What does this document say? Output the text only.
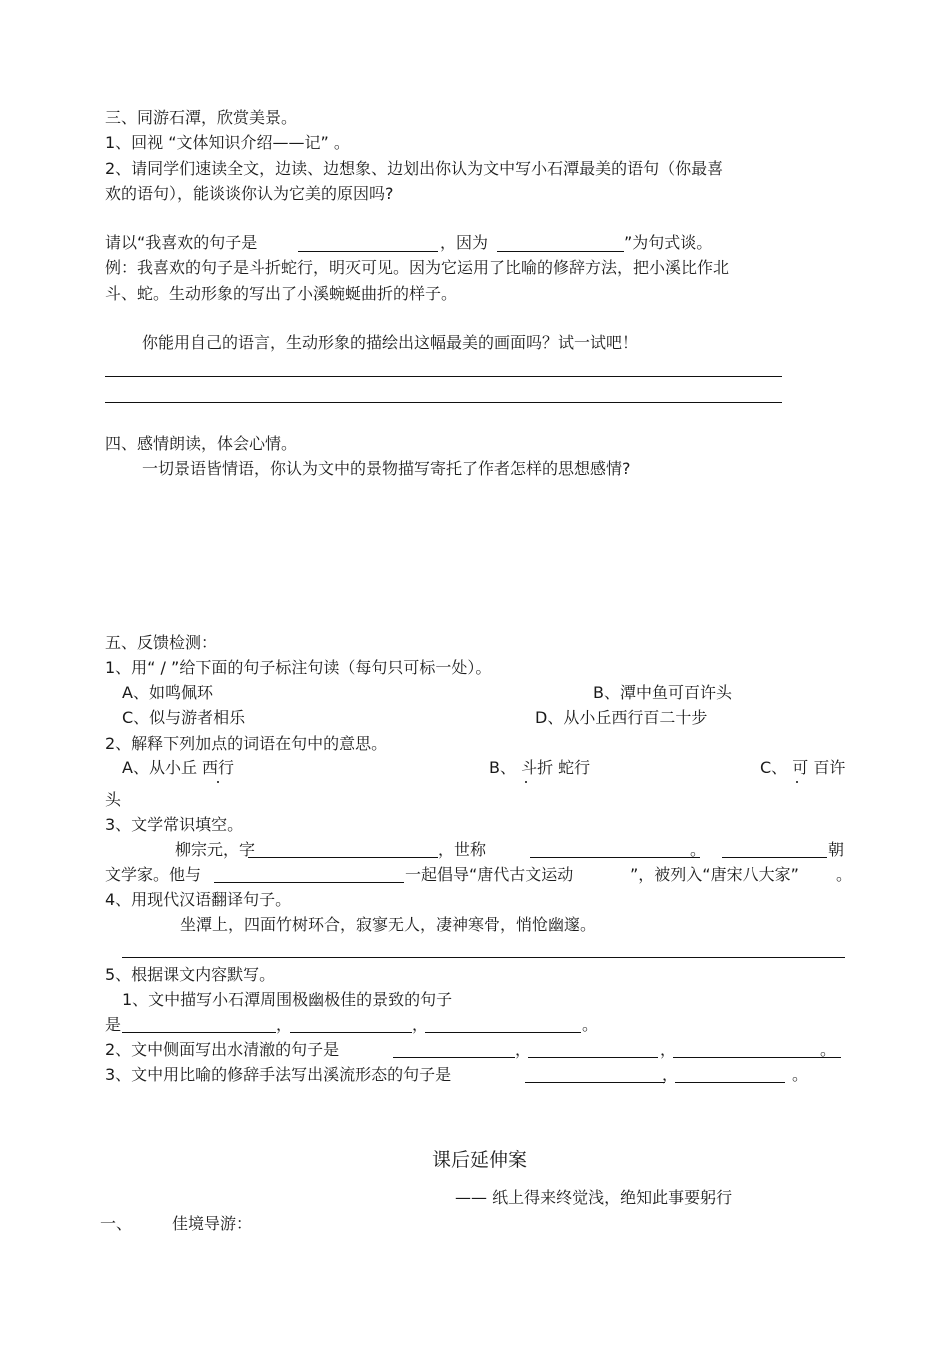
三、同游石潭，欣赏美景。
1、回视 “文体知识介绍——记” 。
2、请同学们速读全文，边读、边想象、边划出你认为文中写小石潭最美的语句（你最喜
欢的语句），能谈谈你认为它美的原因吗?
请以“我喜欢的句子是	，因为	”为句式谈。
例：我喜欢的句子是斗折蛇行，明灭可见。因为它运用了比喻的修辞方法，把小溪比作北
斗、蛇。生动形象的写出了小溪蜿蜒曲折的样子。
你能用自己的语言，生动形象的描绘出这幅最美的画面吗？试一试吧！
四、感情朗读，体会心情。
一切景语皆情语，你认为文中的景物描写寄托了作者怎样的思想感情?
五、反馈检测：
1、用“ / ”给下面的句子标注句读（每句只可标一处）。
A、如鸣佩环	B、潭中鱼可百许头
C、似与游者相乐	D、从小丘西行百二十步
2、解释下列加点的词语在句中的意思。
A、从小丘 西行	B、 斗折 蛇行	C、 可 百许
头
3、文学常识填空。
柳宗元，字	，世称	。	朝
文学家。他与	一起倡导“唐代古文运动	”，被列入“唐宋八大家” 。
4、用现代汉语翻译句子。
坐潭上，四面竹树环合，寂寥无人，凄神寒骨，悄怆幽邃。
5、根据课文内容默写。
1、文中描写小石潭周围极幽极佳的景致的句子
是	，	，	。
2、文中侧面写出水清澈的句子是	，	，	。
3、文中用比喻的修辞手法写出溪流形态的句子是	，	。
课后延伸案
—— 纸上得来终觉浅，绝知此事要躬行
一、 佳境导游：
